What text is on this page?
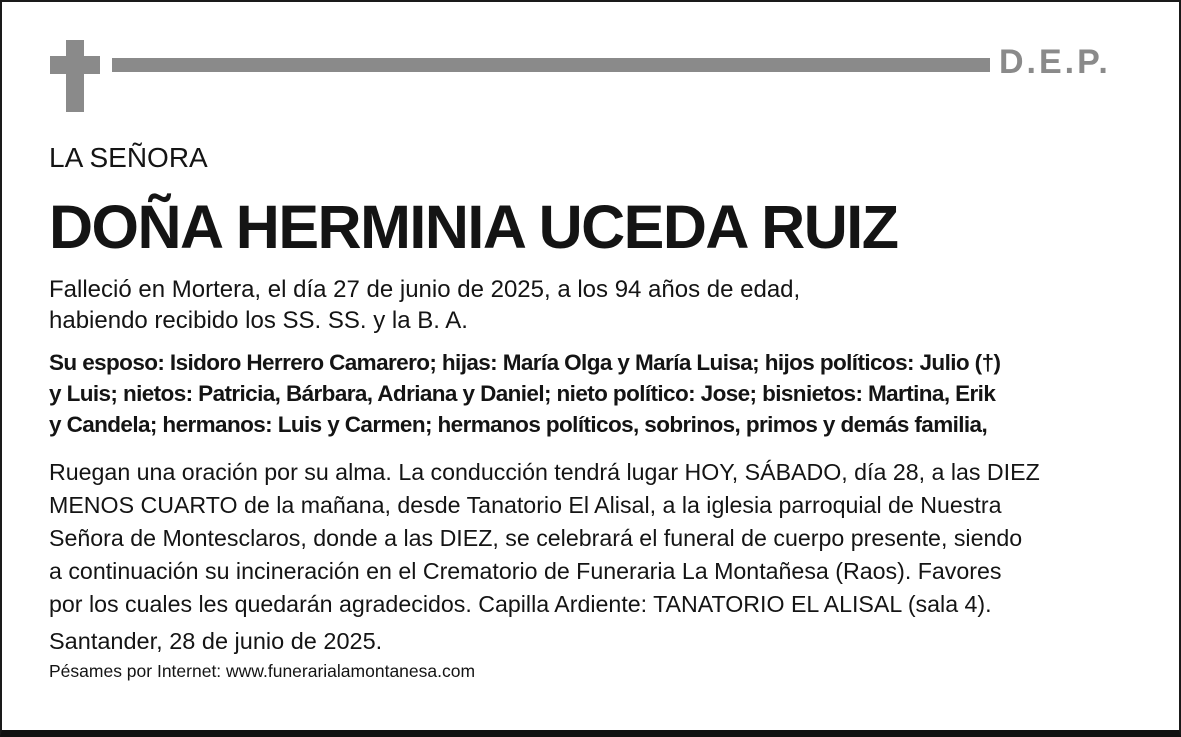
D.E.P.
LA SEÑORA
DOÑA HERMINIA UCEDA RUIZ
Falleció en Mortera, el día 27 de junio de 2025, a los 94 años de edad,
habiendo recibido los SS. SS. y la B. A.
Su esposo: Isidoro Herrero Camarero; hijas: María Olga y María Luisa; hijos políticos: Julio (†)
y Luis; nietos: Patricia, Bárbara, Adriana y Daniel; nieto político: Jose; bisnietos: Martina, Erik
y Candela; hermanos: Luis y Carmen; hermanos políticos, sobrinos, primos y demás familia,
Ruegan una oración por su alma. La conducción tendrá lugar HOY, SÁBADO, día 28, a las DIEZ
MENOS CUARTO de la mañana, desde Tanatorio El Alisal, a la iglesia parroquial de Nuestra
Señora de Montesclaros, donde a las DIEZ, se celebrará el funeral de cuerpo presente, siendo
a continuación su incineración en el Crematorio de Funeraria La Montañesa (Raos). Favores
por los cuales les quedarán agradecidos. Capilla Ardiente: TANATORIO EL ALISAL (sala 4).
Santander, 28 de junio de 2025.
Pésames por Internet: www.funerarialamontanesa.com
